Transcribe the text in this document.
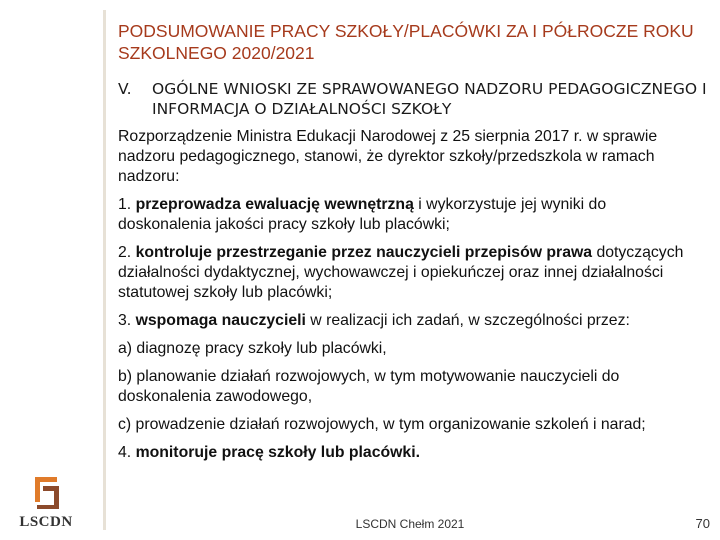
PODSUMOWANIE PRACY SZKOŁY/PLACÓWKI ZA I PÓŁROCZE ROKU SZKOLNEGO 2020/2021
V.	OGÓLNE WNIOSKI ZE SPRAWOWANEGO NADZORU PEDAGOGICZNEGO I INFORMACJA O DZIAŁALNOŚCI SZKOŁY

Rozporządzenie Ministra Edukacji Narodowej z 25 sierpnia 2017 r. w sprawie nadzoru pedagogicznego, stanowi, że dyrektor szkoły/przedszkola w ramach nadzoru:

1. przeprowadza ewaluację wewnętrzną i wykorzystuje jej wyniki do doskonalenia jakości pracy szkoły lub placówki;

2. kontroluje przestrzeganie przez nauczycieli przepisów prawa dotyczących działalności dydaktycznej, wychowawczej i opiekuńczej oraz innej działalności statutowej szkoły lub placówki;

3. wspomaga nauczycieli w realizacji ich zadań, w szczególności przez:

a) diagnozę pracy szkoły lub placówki,

b) planowanie działań rozwojowych, w tym motywowanie nauczycieli do doskonalenia zawodowego,

c) prowadzenie działań rozwojowych, w tym organizowanie szkoleń i narad;

4. monitoruje pracę szkoły lub placówki.

LSCDN	LSCDN Chełm 2021	70
